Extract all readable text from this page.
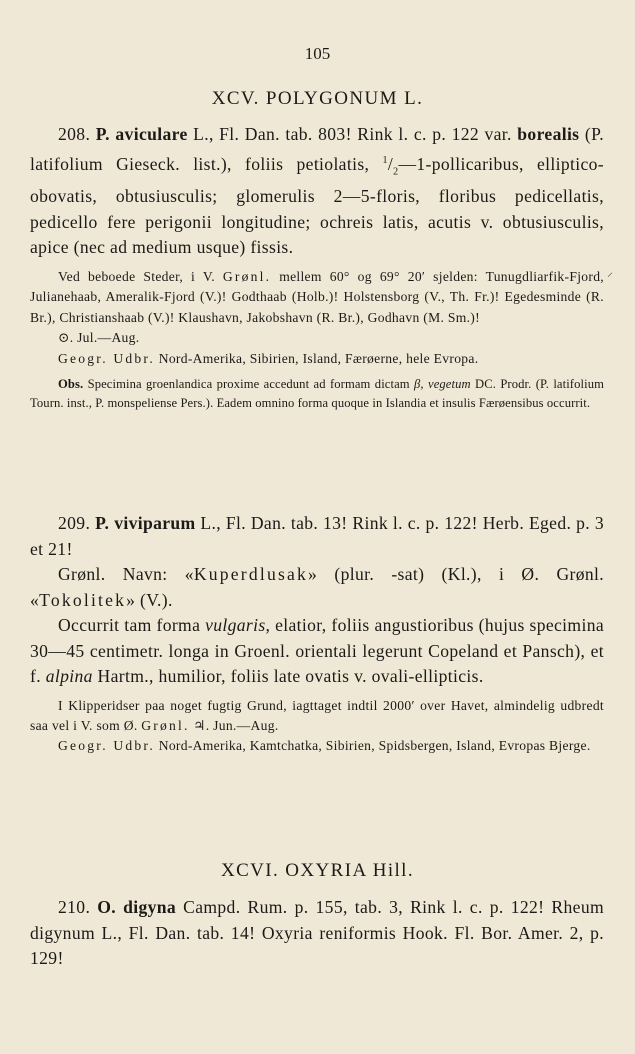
105
XCV. POLYGONUM L.

208. P. aviculare L., Fl. Dan. tab. 803! Rink l. c. p. 122 var. borealis (P. latifolium Gieseck. list.), foliis petiolatis, $^1/_2—1$-pollicaribus, elliptico-obovatis, obtusiusculis; glomerulis 2—5-floris, floribus pedicellatis, pedicello fere perigonii longitudine; ochreis latis, acutis v. obtusiusculis, apice (nec ad medium usque) fissis.

Ved beboede Steder, i V. Grønl. mellem 60° og 69° 20′ sjelden: Tunugdliarfik-Fjord, Julianehaab, Ameralik-Fjord (V.)! Godthaab (Holb.)! Holstensborg (V., Th. Fr.)! Egedesminde (R. Br.), Christianshaab (V.)! Klaushavn, Jakobshavn (R. Br.), Godhavn (M. Sm.)!

⊙. Jul.—Aug.

Geogr. Udbr. Nord-Amerika, Sibirien, Island, Færøerne, hele Evropa.

Obs. Specimina groenlandica proxime accedunt ad formam dictam β, vegetum DC. Prodr. (P. latifolium Tourn. inst., P. monspeliense Pers.). Eadem omnino forma quoque in Islandia et insulis Færøensibus occurrit.

209. P. viviparum L., Fl. Dan. tab. 13! Rink l. c. p. 122! Herb. Eged. p. 3 et 21!

Grønl. Navn: «Kuperdlusak» (plur. -sat) (Kl.), i Ø. Grønl. «Tokolitek» (V.).

Occurrit tam forma vulgaris, elatior, foliis angustioribus (hujus specimina 30—45 centimetr. longa in Groenl. orientali legerunt Copeland et Pansch), et f. alpina Hartm., humilior, foliis late ovatis v. ovali-ellipticis.

I Klipperidser paa noget fugtig Grund, iagttaget indtil 2000′ over Havet, almindelig udbredt saa vel i V. som Ø. Grønl. ♃. Jun.—Aug.

Geogr. Udbr. Nord-Amerika, Kamtchatka, Sibirien, Spidsbergen, Island, Evropas Bjerge.

XCVI. OXYRIA Hill.

210. O. digyna Campd. Rum. p. 155, tab. 3, Rink l. c. p. 122! Rheum digynum L., Fl. Dan. tab. 14! Oxyria reniformis Hook. Fl. Bor. Amer. 2, p. 129!

⸝
